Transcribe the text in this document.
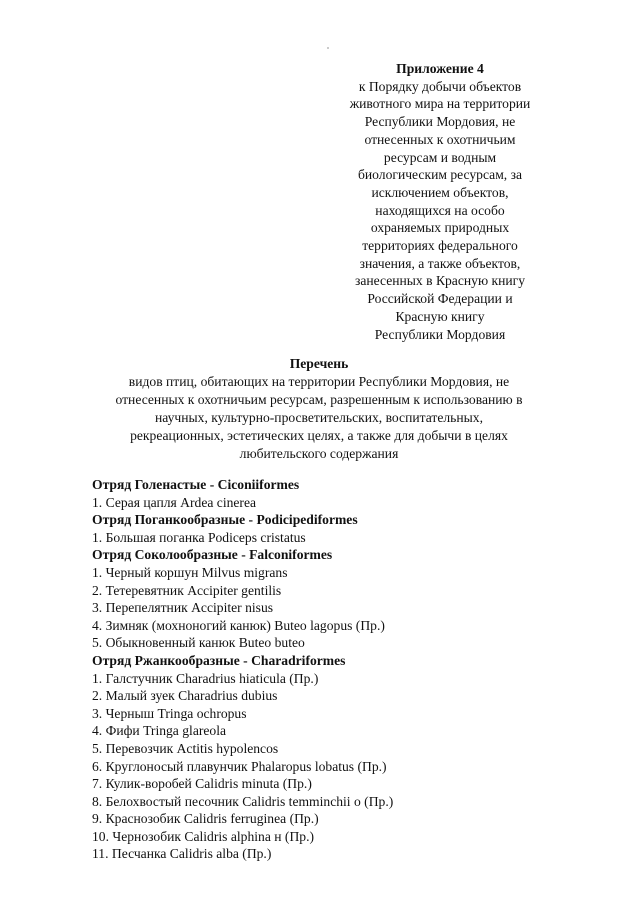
Приложение 4
к Порядку добычи объектов
животного мира на территории
Республики Мордовия, не
отнесенных к охотничьим
ресурсам и водным
биологическим ресурсам, за
исключением объектов,
находящихся на особо
охраняемых природных
территориях федерального
значения, а также объектов,
занесенных в Красную книгу
Российской Федерации и
Красную книгу
Республики Мордовия
Перечень
видов птиц, обитающих на территории Республики Мордовия, не
отнесенных к охотничьим ресурсам, разрешенным к использованию в
научных, культурно-просветительских, воспитательных,
рекреационных, эстетических целях, а также для добычи в целях
любительского содержания
Отряд Голенастые - Ciconiiformes
1. Серая цапля Ardea cinerea
Отряд Поганкообразные - Podicipediformes
1. Большая поганка Podiceps cristatus
Отряд Соколообразные - Falconiformes
1. Черный коршун Milvus migrans
2. Тетеревятник Accipiter gentilis
3. Перепелятник Accipiter nisus
4. Зимняк (мохноногий канюк) Buteo lagopus (Пр.)
5. Обыкновенный канюк Buteo buteo
Отряд Ржанкообразные - Charadriformes
1. Галстучник Charadrius hiaticula (Пр.)
2. Малый зуек Charadrius dubius
3. Черныш Tringa ochropus
4. Фифи Tringa glareola
5. Перевозчик Actitis hypolencos
6. Круглоносый плавунчик Phalaropus lobatus (Пр.)
7. Кулик-воробей Calidris minuta (Пр.)
8. Белохвостый песочник Calidris temminchii о (Пр.)
9. Краснозобик Calidris ferruginea (Пр.)
10. Чернозобик Calidris alphina н (Пр.)
11. Песчанка Calidris alba (Пр.)
